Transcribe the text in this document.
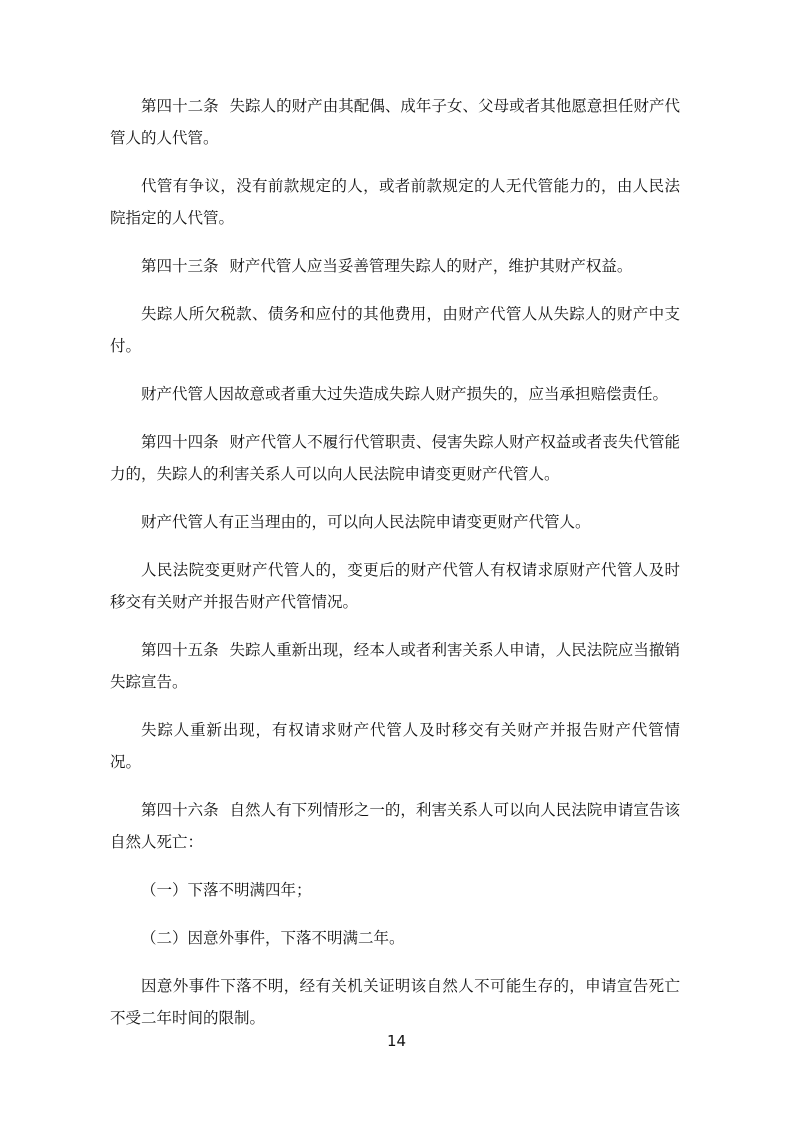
第四十二条 失踪人的财产由其配偶、成年子女、父母或者其他愿意担任财产代管人的人代管。

代管有争议，没有前款规定的人，或者前款规定的人无代管能力的，由人民法院指定的人代管。

第四十三条 财产代管人应当妥善管理失踪人的财产，维护其财产权益。

失踪人所欠税款、债务和应付的其他费用，由财产代管人从失踪人的财产中支付。

财产代管人因故意或者重大过失造成失踪人财产损失的，应当承担赔偿责任。

第四十四条 财产代管人不履行代管职责、侵害失踪人财产权益或者丧失代管能力的，失踪人的利害关系人可以向人民法院申请变更财产代管人。

财产代管人有正当理由的，可以向人民法院申请变更财产代管人。

人民法院变更财产代管人的，变更后的财产代管人有权请求原财产代管人及时移交有关财产并报告财产代管情况。

第四十五条 失踪人重新出现，经本人或者利害关系人申请，人民法院应当撤销失踪宣告。

失踪人重新出现，有权请求财产代管人及时移交有关财产并报告财产代管情况。

第四十六条 自然人有下列情形之一的，利害关系人可以向人民法院申请宣告该自然人死亡：

（一）下落不明满四年；

（二）因意外事件，下落不明满二年。

因意外事件下落不明，经有关机关证明该自然人不可能生存的，申请宣告死亡不受二年时间的限制。

14
